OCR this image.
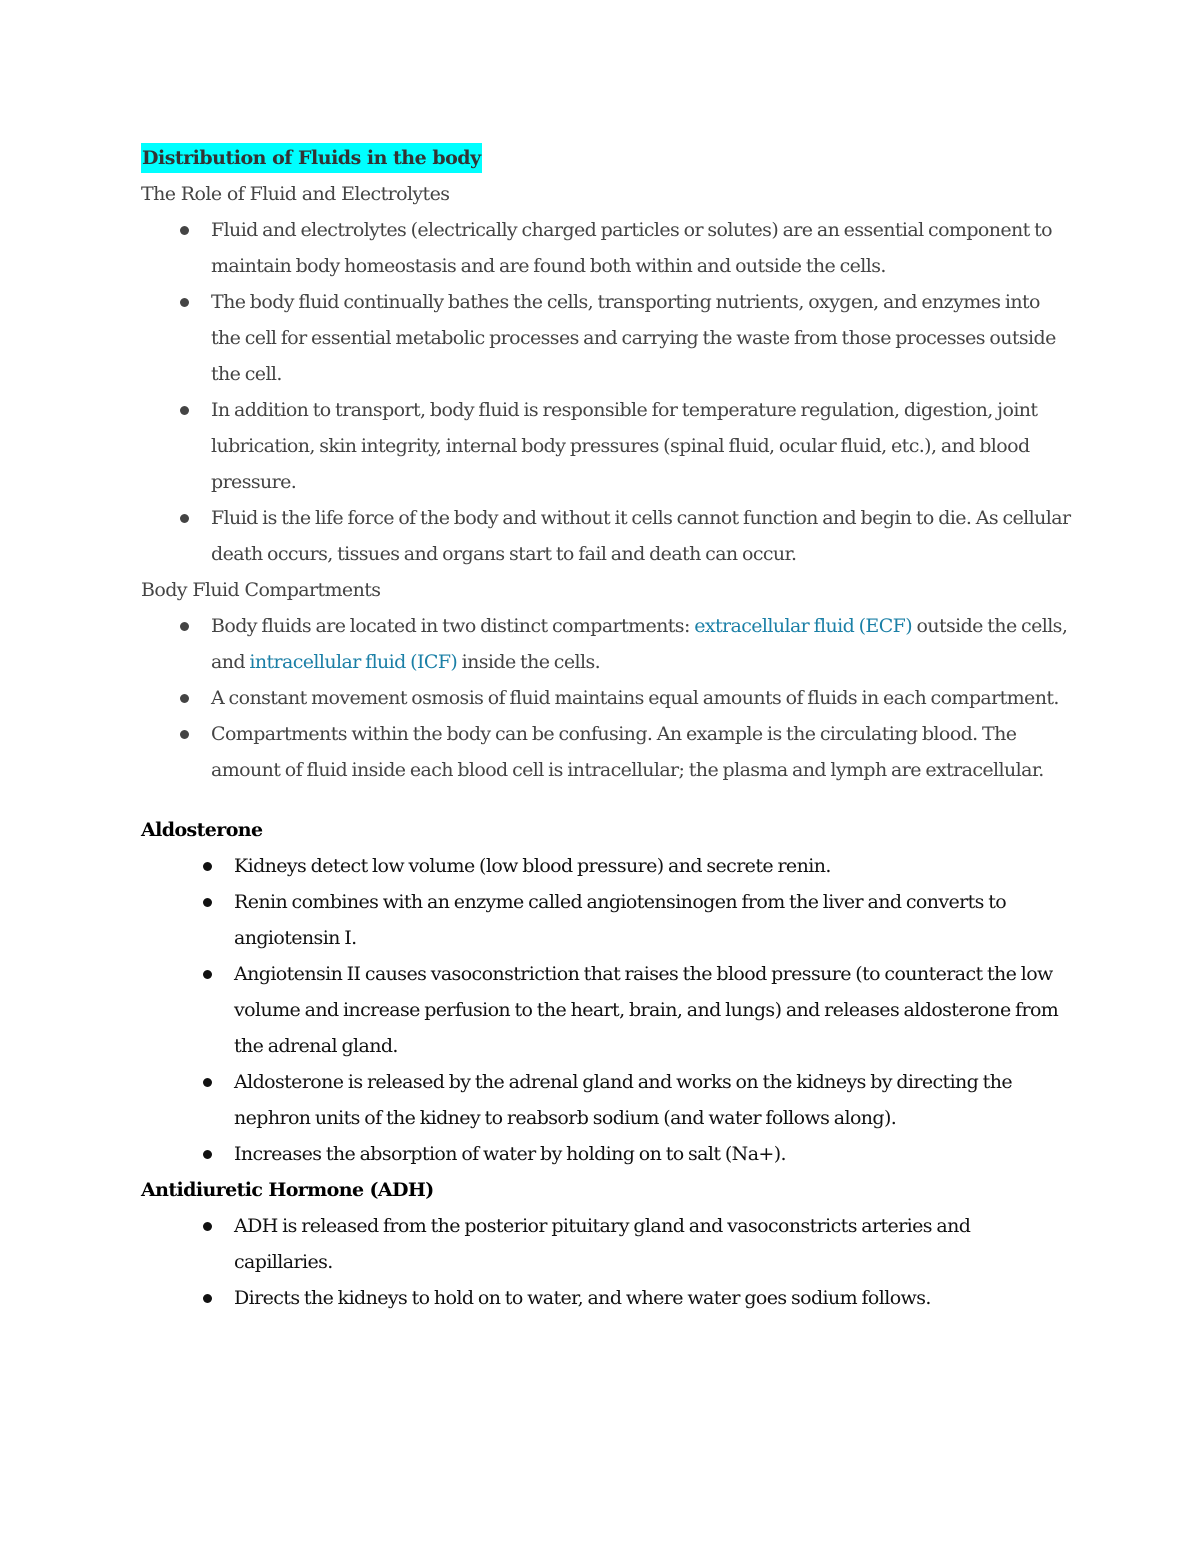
Distribution of Fluids in the body
The Role of Fluid and Electrolytes
Fluid and electrolytes (electrically charged particles or solutes) are an essential component to maintain body homeostasis and are found both within and outside the cells.
The body fluid continually bathes the cells, transporting nutrients, oxygen, and enzymes into the cell for essential metabolic processes and carrying the waste from those processes outside the cell.
In addition to transport, body fluid is responsible for temperature regulation, digestion, joint lubrication, skin integrity, internal body pressures (spinal fluid, ocular fluid, etc.), and blood pressure.
Fluid is the life force of the body and without it cells cannot function and begin to die. As cellular death occurs, tissues and organs start to fail and death can occur.
Body Fluid Compartments
Body fluids are located in two distinct compartments: extracellular fluid (ECF) outside the cells, and intracellular fluid (ICF) inside the cells.
A constant movement osmosis of fluid maintains equal amounts of fluids in each compartment.
Compartments within the body can be confusing. An example is the circulating blood. The amount of fluid inside each blood cell is intracellular; the plasma and lymph are extracellular.
Aldosterone
Kidneys detect low volume (low blood pressure) and secrete renin.
Renin combines with an enzyme called angiotensinogen from the liver and converts to angiotensin I.
Angiotensin II causes vasoconstriction that raises the blood pressure (to counteract the low volume and increase perfusion to the heart, brain, and lungs) and releases aldosterone from the adrenal gland.
Aldosterone is released by the adrenal gland and works on the kidneys by directing the nephron units of the kidney to reabsorb sodium (and water follows along).
Increases the absorption of water by holding on to salt (Na+).
Antidiuretic Hormone (ADH)
ADH is released from the posterior pituitary gland and vasoconstricts arteries and capillaries.
Directs the kidneys to hold on to water, and where water goes sodium follows.
